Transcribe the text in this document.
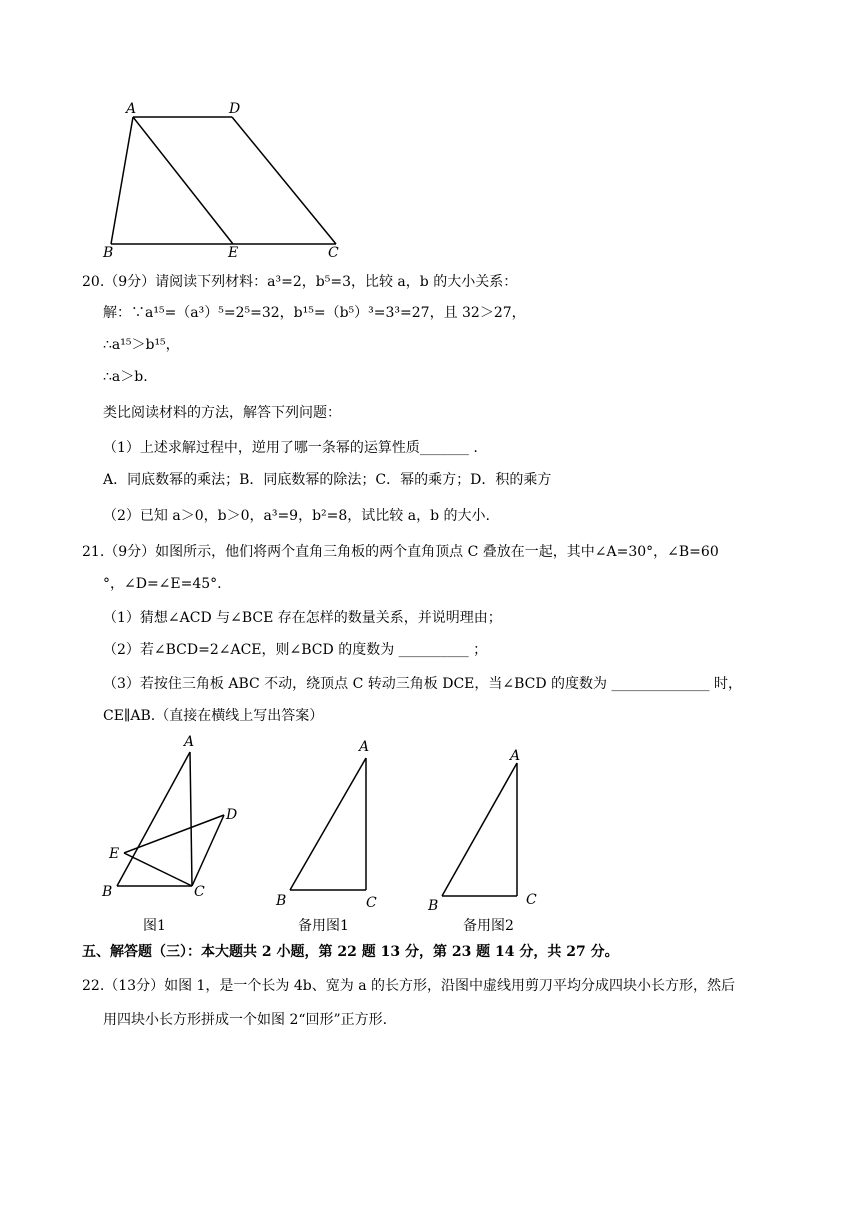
A	D
B	E	C
20.（9分）请阅读下列材料：a³=2，b⁵=3，比较 a，b 的大小关系：
解：∵a¹⁵=（a³）⁵=2⁵=32，b¹⁵=（b⁵）³=3³=27，且 32＞27，
∴a¹⁵＞b¹⁵，
∴a＞b.
类比阅读材料的方法，解答下列问题：
（1）上述求解过程中，逆用了哪一条幂的运算性质_______ .
A．同底数幂的乘法；B．同底数幂的除法；C．幂的乘方；D．积的乘方
（2）已知 a＞0，b＞0，a³=9，b²=8，试比较 a，b 的大小.
21.（9分）如图所示，他们将两个直角三角板的两个直角顶点 C 叠放在一起，其中∠A=30°，∠B=60
°，∠D=∠E=45°.
（1）猜想∠ACD 与∠BCE 存在怎样的数量关系，并说明理由；
（2）若∠BCD=2∠ACE，则∠BCD 的度数为 __________ ；
（3）若按住三角板 ABC 不动，绕顶点 C 转动三角板 DCE，当∠BCD 的度数为 ______________ 时，
CE∥AB.（直接在横线上写出答案）
A
D
E
B	C
图1
A
B	C
备用图1
A
B	C
备用图2
五、解答题（三）：本大题共 2 小题，第 22 题 13 分，第 23 题 14 分，共 27 分。
22.（13分）如图 1，是一个长为 4b、宽为 a 的长方形，沿图中虚线用剪刀平均分成四块小长方形，然后
用四块小长方形拼成一个如图 2“回形”正方形.
